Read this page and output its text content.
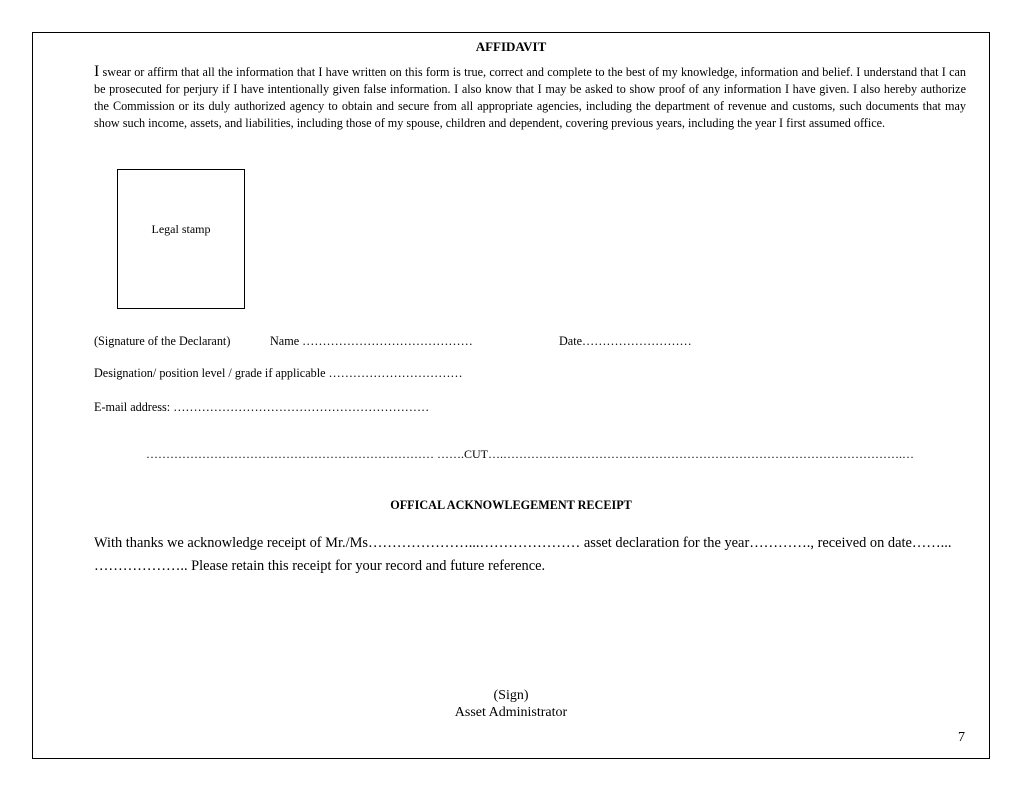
AFFIDAVIT
I swear or affirm that all the information that I have written on this form is true, correct and complete to the best of my knowledge, information and belief. I understand that I can be prosecuted for perjury if I have intentionally given false information. I also know that I may be asked to show proof of any information I have given. I also hereby authorize the Commission or its duly authorized agency to obtain and secure from all appropriate agencies, including the department of revenue and customs, such documents that may show such income, assets, and liabilities, including those of my spouse, children and dependent, covering previous years, including the year I first assumed office.
Legal stamp
(Signature of the Declarant)	Name ……………………………………	Date………………………
Designation/ position level / grade if applicable ……………………………
E-mail address: ………………………………………………………
……………………………………………………………… …….CUT….……………………………………………………………………………………….…
OFFICAL ACKNOWLEGEMENT RECEIPT
With thanks we acknowledge receipt of Mr./Ms…………………...………………… asset declaration for the year…………., received on date……... ……………….. Please retain this receipt for your record and future reference.
(Sign)
Asset Administrator
7
